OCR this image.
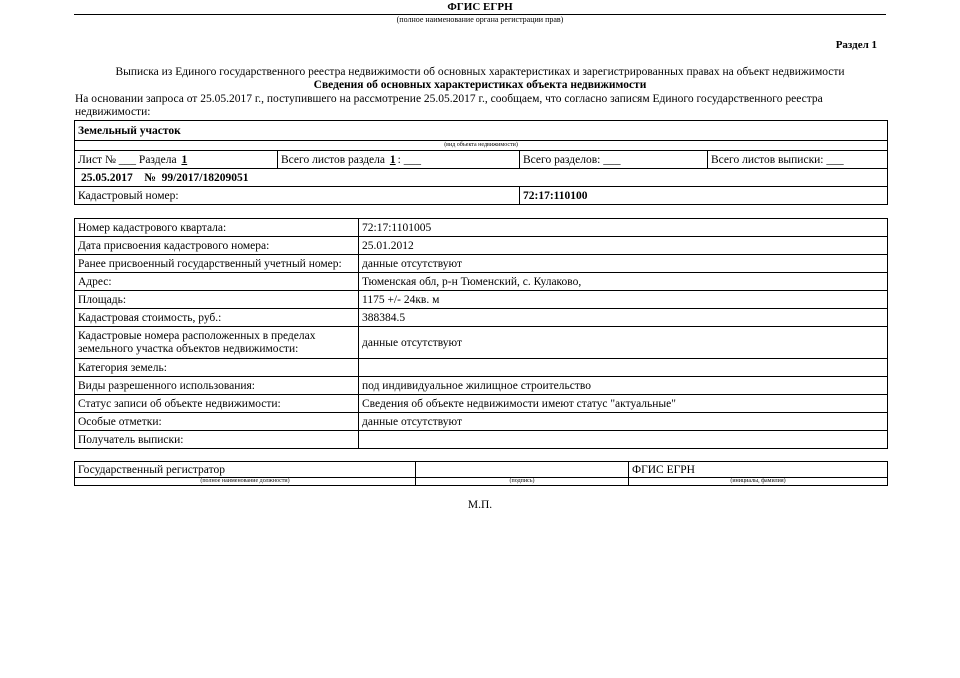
ФГИС ЕГРН
(полное наименование органа регистрации прав)
Раздел 1
Выписка из Единого государственного реестра недвижимости об основных характеристиках и зарегистрированных правах на объект недвижимости
Сведения об основных характеристиках объекта недвижимости
На основании запроса от 25.05.2017 г., поступившего на рассмотрение 25.05.2017 г., сообщаем, что согласно записям Единого государственного реестра недвижимости:
Земельный участок			
(вид объекта недвижимости)			
Лист № ___ Раздела 1	Всего листов раздела 1 : ___	Всего разделов: ___	Всего листов выписки: ___
25.05.2017 № 99/2017/18209051			
Кадастровый номер:		72:17:110100	
Номер кадастрового квартала:	72:17:1101005
Дата присвоения кадастрового номера:	25.01.2012
Ранее присвоенный государственный учетный номер:	данные отсутствуют
Адрес:	Тюменская обл, р-н Тюменский, с. Кулаково,
Площадь:	1175 +/- 24кв. м
Кадастровая стоимость, руб.:	388384.5
Кадастровые номера расположенных в пределах
земельного участка объектов недвижимости:	данные отсутствуют
Категория земель:	
Виды разрешенного использования:	под индивидуальное жилищное строительство
Статус записи об объекте недвижимости:	Сведения об объекте недвижимости имеют статус "актуальные"
Особые отметки:	данные отсутствуют
Получатель выписки:	
Государственный регистратор		ФГИС ЕГРН
(полное наименование должности)	(подпись)	(инициалы, фамилия)
М.П.
